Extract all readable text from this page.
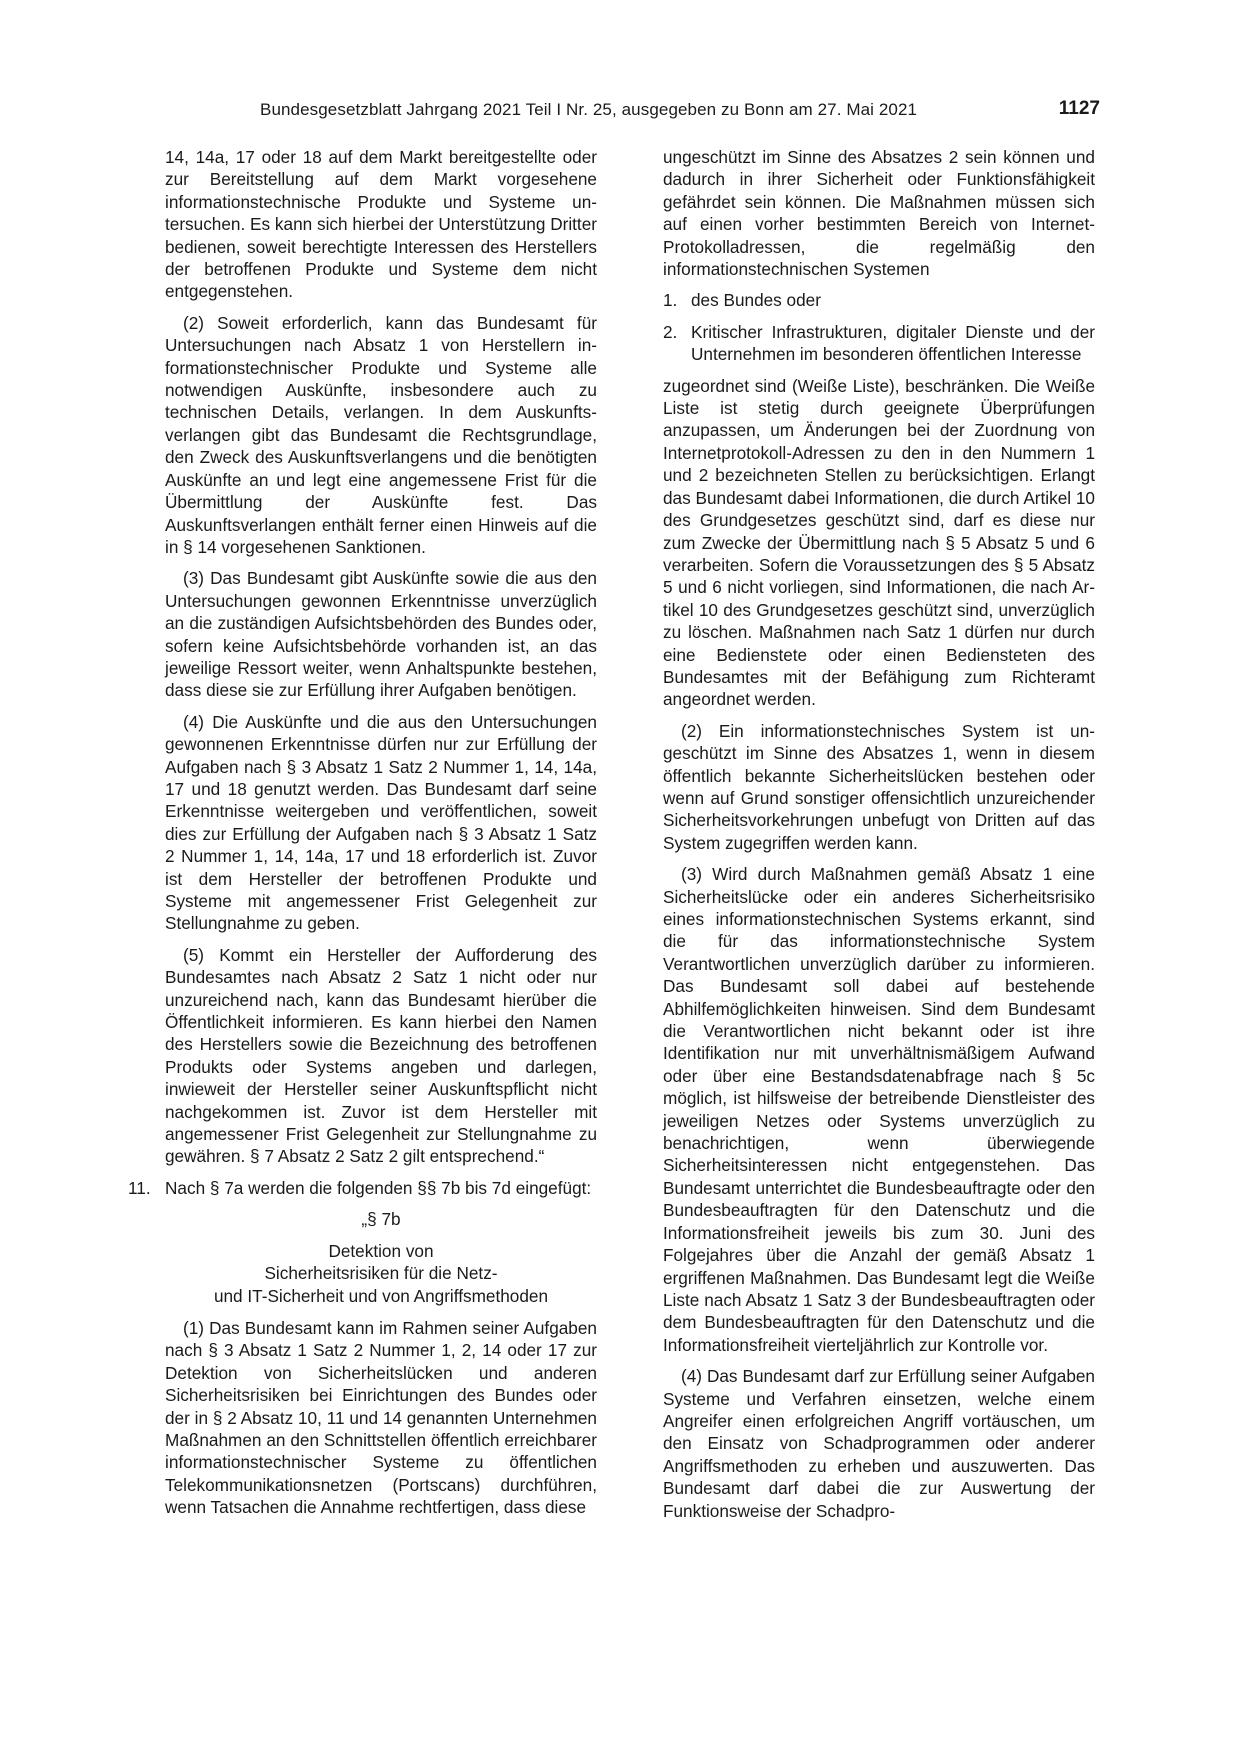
Bundesgesetzblatt Jahrgang 2021 Teil I Nr. 25, ausgegeben zu Bonn am 27. Mai 2021	1127

14, 14a, 17 oder 18 auf dem Markt bereitgestellte oder zur Bereitstellung auf dem Markt vorgesehene informationstechnische Produkte und Systeme untersuchen. Es kann sich hierbei der Unterstützung Dritter bedienen, soweit berechtigte Interessen des Herstellers der betroffenen Produkte und Systeme dem nicht entgegenstehen.

(2) Soweit erforderlich, kann das Bundesamt für Untersuchungen nach Absatz 1 von Herstellern informationstechnischer Produkte und Systeme alle notwendigen Auskünfte, insbesondere auch zu technischen Details, verlangen. In dem Auskunftsverlangen gibt das Bundesamt die Rechtsgrundlage, den Zweck des Auskunftsverlangens und die benötigten Auskünfte an und legt eine angemessene Frist für die Übermittlung der Auskünfte fest. Das Auskunftsverlangen enthält ferner einen Hinweis auf die in § 14 vorgesehenen Sanktionen.

(3) Das Bundesamt gibt Auskünfte sowie die aus den Untersuchungen gewonnen Erkenntnisse unverzüglich an die zuständigen Aufsichtsbehörden des Bundes oder, sofern keine Aufsichtsbehörde vorhanden ist, an das jeweilige Ressort weiter, wenn Anhaltspunkte bestehen, dass diese sie zur Erfüllung ihrer Aufgaben benötigen.

(4) Die Auskünfte und die aus den Untersuchungen gewonnenen Erkenntnisse dürfen nur zur Erfüllung der Aufgaben nach § 3 Absatz 1 Satz 2 Nummer 1, 14, 14a, 17 und 18 genutzt werden. Das Bundesamt darf seine Erkenntnisse weitergeben und veröffentlichen, soweit dies zur Erfüllung der Aufgaben nach § 3 Absatz 1 Satz 2 Nummer 1, 14, 14a, 17 und 18 erforderlich ist. Zuvor ist dem Hersteller der betroffenen Produkte und Systeme mit angemessener Frist Gelegenheit zur Stellungnahme zu geben.

(5) Kommt ein Hersteller der Aufforderung des Bundesamtes nach Absatz 2 Satz 1 nicht oder nur unzureichend nach, kann das Bundesamt hierüber die Öffentlichkeit informieren. Es kann hierbei den Namen des Herstellers sowie die Bezeichnung des betroffenen Produkts oder Systems angeben und darlegen, inwieweit der Hersteller seiner Auskunftspflicht nicht nachgekommen ist. Zuvor ist dem Hersteller mit angemessener Frist Gelegenheit zur Stellungnahme zu gewähren. § 7 Absatz 2 Satz 2 gilt entsprechend.“

11. Nach § 7a werden die folgenden §§ 7b bis 7d eingefügt:

„§ 7b

Detektion von
Sicherheitsrisiken für die Netz-
und IT-Sicherheit und von Angriffsmethoden

(1) Das Bundesamt kann im Rahmen seiner Aufgaben nach § 3 Absatz 1 Satz 2 Nummer 1, 2, 14 oder 17 zur Detektion von Sicherheitslücken und anderen Sicherheitsrisiken bei Einrichtungen des Bundes oder der in § 2 Absatz 10, 11 und 14 genannten Unternehmen Maßnahmen an den Schnittstellen öffentlich erreichbarer informationstechnischer Systeme zu öffentlichen Telekommunikationsnetzen (Portscans) durchführen, wenn Tatsachen die Annahme rechtfertigen, dass diese

ungeschützt im Sinne des Absatzes 2 sein können und dadurch in ihrer Sicherheit oder Funktionsfähigkeit gefährdet sein können. Die Maßnahmen müssen sich auf einen vorher bestimmten Bereich von Internet-Protokolladressen, die regelmäßig den informationstechnischen Systemen

1. des Bundes oder
2. Kritischer Infrastrukturen, digitaler Dienste und der Unternehmen im besonderen öffentlichen Interesse

zugeordnet sind (Weiße Liste), beschränken. Die Weiße Liste ist stetig durch geeignete Überprüfungen anzupassen, um Änderungen bei der Zuordnung von Internetprotokoll-Adressen zu den in den Nummern 1 und 2 bezeichneten Stellen zu berücksichtigen. Erlangt das Bundesamt dabei Informationen, die durch Artikel 10 des Grundgesetzes geschützt sind, darf es diese nur zum Zwecke der Übermittlung nach § 5 Absatz 5 und 6 verarbeiten. Sofern die Voraussetzungen des § 5 Absatz 5 und 6 nicht vorliegen, sind Informationen, die nach Artikel 10 des Grundgesetzes geschützt sind, unverzüglich zu löschen. Maßnahmen nach Satz 1 dürfen nur durch eine Bedienstete oder einen Bediensteten des Bundesamtes mit der Befähigung zum Richteramt angeordnet werden.

(2) Ein informationstechnisches System ist ungeschützt im Sinne des Absatzes 1, wenn in diesem öffentlich bekannte Sicherheitslücken bestehen oder wenn auf Grund sonstiger offensichtlich unzureichender Sicherheitsvorkehrungen unbefugt von Dritten auf das System zugegriffen werden kann.

(3) Wird durch Maßnahmen gemäß Absatz 1 eine Sicherheitslücke oder ein anderes Sicherheitsrisiko eines informationstechnischen Systems erkannt, sind die für das informationstechnische System Verantwortlichen unverzüglich darüber zu informieren. Das Bundesamt soll dabei auf bestehende Abhilfemöglichkeiten hinweisen. Sind dem Bundesamt die Verantwortlichen nicht bekannt oder ist ihre Identifikation nur mit unverhältnismäßigem Aufwand oder über eine Bestandsdatenabfrage nach § 5c möglich, ist hilfsweise der betreibende Dienstleister des jeweiligen Netzes oder Systems unverzüglich zu benachrichtigen, wenn überwiegende Sicherheitsinteressen nicht entgegenstehen. Das Bundesamt unterrichtet die Bundesbeauftragte oder den Bundesbeauftragten für den Datenschutz und die Informationsfreiheit jeweils bis zum 30. Juni des Folgejahres über die Anzahl der gemäß Absatz 1 ergriffenen Maßnahmen. Das Bundesamt legt die Weiße Liste nach Absatz 1 Satz 3 der Bundesbeauftragten oder dem Bundesbeauftragten für den Datenschutz und die Informationsfreiheit vierteljährlich zur Kontrolle vor.

(4) Das Bundesamt darf zur Erfüllung seiner Aufgaben Systeme und Verfahren einsetzen, welche einem Angreifer einen erfolgreichen Angriff vortäuschen, um den Einsatz von Schadprogrammen oder anderer Angriffsmethoden zu erheben und auszuwerten. Das Bundesamt darf dabei die zur Auswertung der Funktionsweise der Schadpro-
